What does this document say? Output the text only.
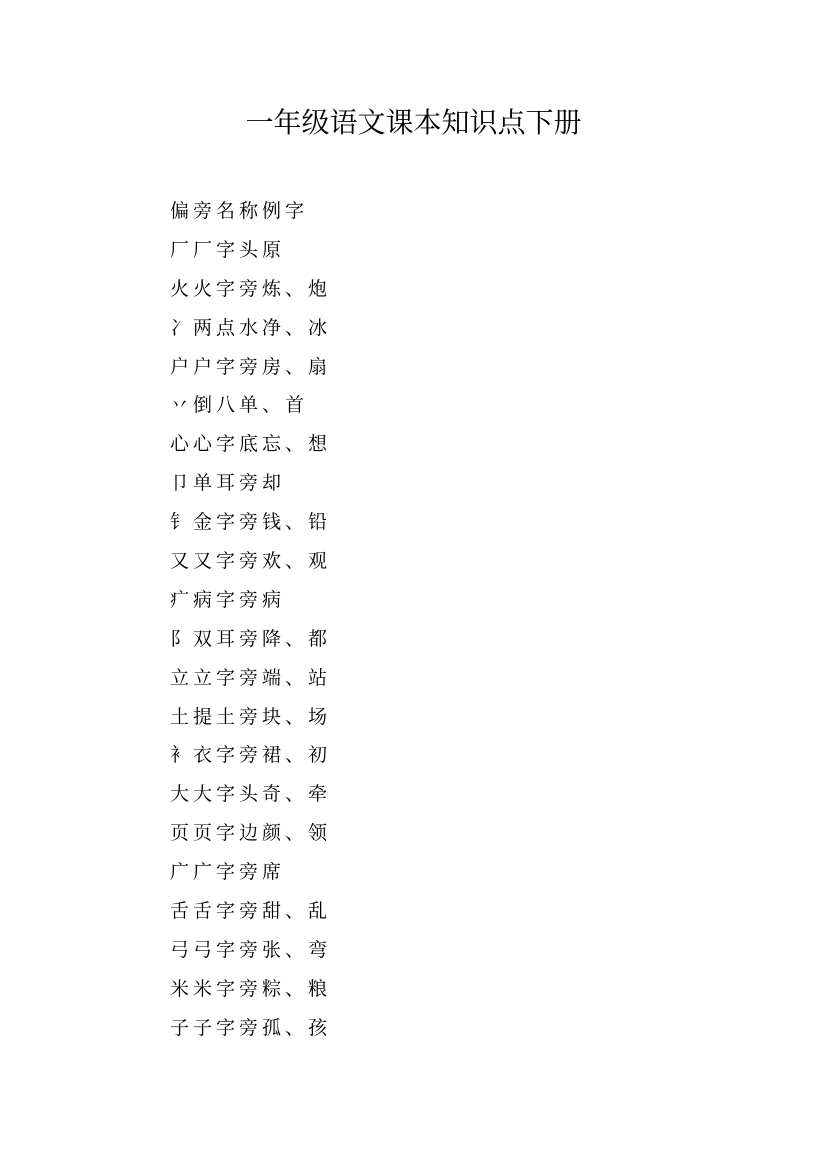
一年级语文课本知识点下册
偏旁名称例字
厂厂字头原
火火字旁炼、炮
冫两点水净、冰
户户字旁房、扇
丷倒八单、首
心心字底忘、想
卩单耳旁却
钅金字旁钱、铅
又又字旁欢、观
疒病字旁病
阝双耳旁降、都
立立字旁端、站
土提土旁块、场
衤衣字旁裙、初
大大字头奇、牵
页页字边颜、领
广广字旁席
舌舌字旁甜、乱
弓弓字旁张、弯
米米字旁粽、粮
子子字旁孤、孩
